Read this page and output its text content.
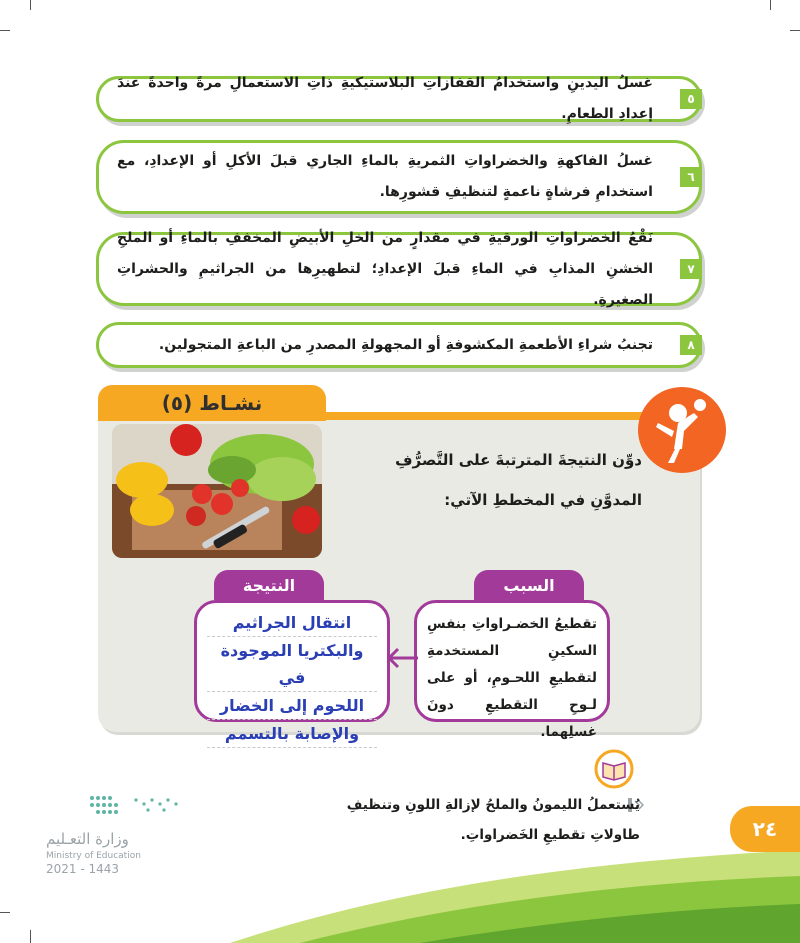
٥
غسلُ اليدينِ واستخدامُ القفازاتِ البلاستيكيةِ ذاتِ الاستعمالِ مرةً واحدةً عندَ إعدادِ الطعامِ.
٦
غسلُ الفاكهةِ والخضراواتِ الثمريةِ بالماءِ الجاري قبلَ الأكلِ أو الإعدادِ، مع استخدامِ فرشاةٍ ناعمةٍ لتنظيفِ قشورِها.
٧
نَقْعُ الخضراواتِ الورقيةِ في مقدارٍ من الخلِ الأبيضِ المخففِ بالماءِ أو الملحِ الخشنِ المذابِ في الماءِ قبلَ الإعدادِ؛ لتطهيرِها من الجراثيمِ والحشراتِ الصغيرةِ.
٨
تجنبُ شراءِ الأطعمةِ المكشوفةِ أو المجهولةِ المصدرِ من الباعةِ المتجولين.
نشـاط (٥)
دوِّن النتيجةَ المترتبةَ على التَّصرُّفِ المدوَّنِ في المخططِ الآتي:
السبب
النتيجة
تقطيعُ الخضـراواتِ بنفسِ السكينِ المستخدمةِ لتقطيعِ اللحـومِ، أو على لـوحِ التقطيعِ دونَ غسلِهما.
انتقال الجراثيم
والبكتريا الموجودة في
اللحوم إلى الخضار
والإصابة بالتسمم
يُستعملُ الليمونُ والملحُ لإزالةِ اللونِ وتنظيفِ طاولاتِ تقطيعِ الخَضراواتِ.
وزارة التعـليم
Ministry of Education
2021 - 1443
٢٤
